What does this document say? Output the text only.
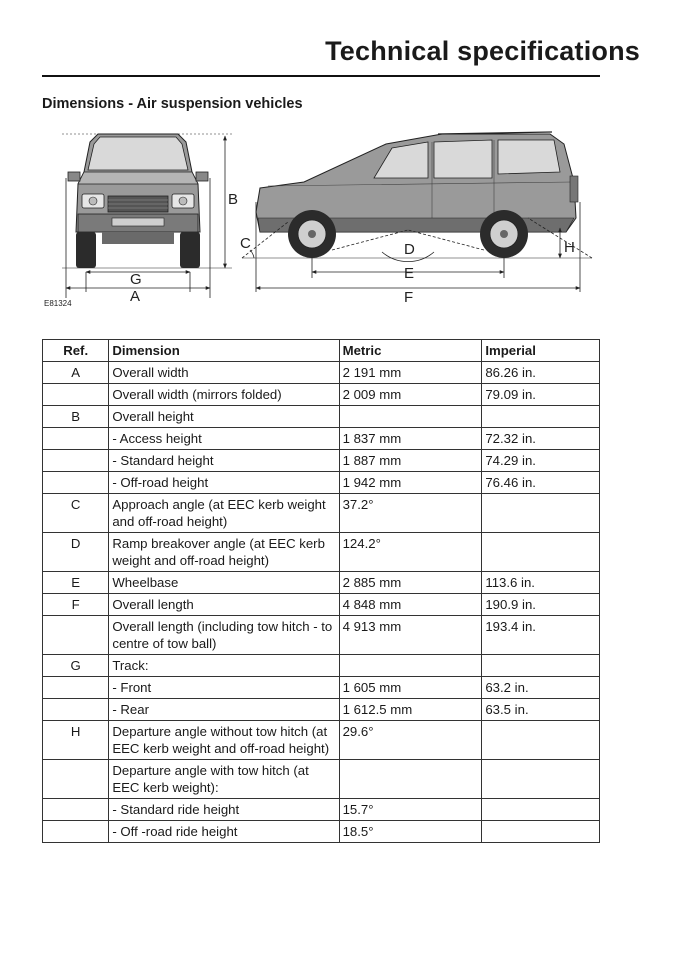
Technical specifications
Dimensions - Air suspension vehicles
B
G
A
E81324
C	D	H
E
F
Ref.	Dimension	Metric	Imperial
A	Overall width	2 191 mm	86.26 in.
	Overall width (mirrors folded)	2 009 mm	79.09 in.
B	Overall height		
	- Access height	1 837 mm	72.32 in.
	- Standard height	1 887 mm	74.29 in.
	- Off-road height	1 942 mm	76.46 in.
C	Approach angle (at EEC kerb weight and off-road height)	37.2°	
D	Ramp breakover angle (at EEC kerb weight and off-road height)	124.2°	
E	Wheelbase	2 885 mm	113.6 in.
F	Overall length	4 848 mm	190.9 in.
	Overall length (including tow hitch - to centre of tow ball)	4 913 mm	193.4 in.
G	Track:		
	- Front	1 605 mm	63.2 in.
	- Rear	1 612.5 mm	63.5 in.
H	Departure angle without tow hitch (at EEC kerb weight and off-road height)	29.6°	
	Departure angle with tow hitch (at EEC kerb weight):		
	- Standard ride height	15.7°	
	- Off -road ride height	18.5°	
